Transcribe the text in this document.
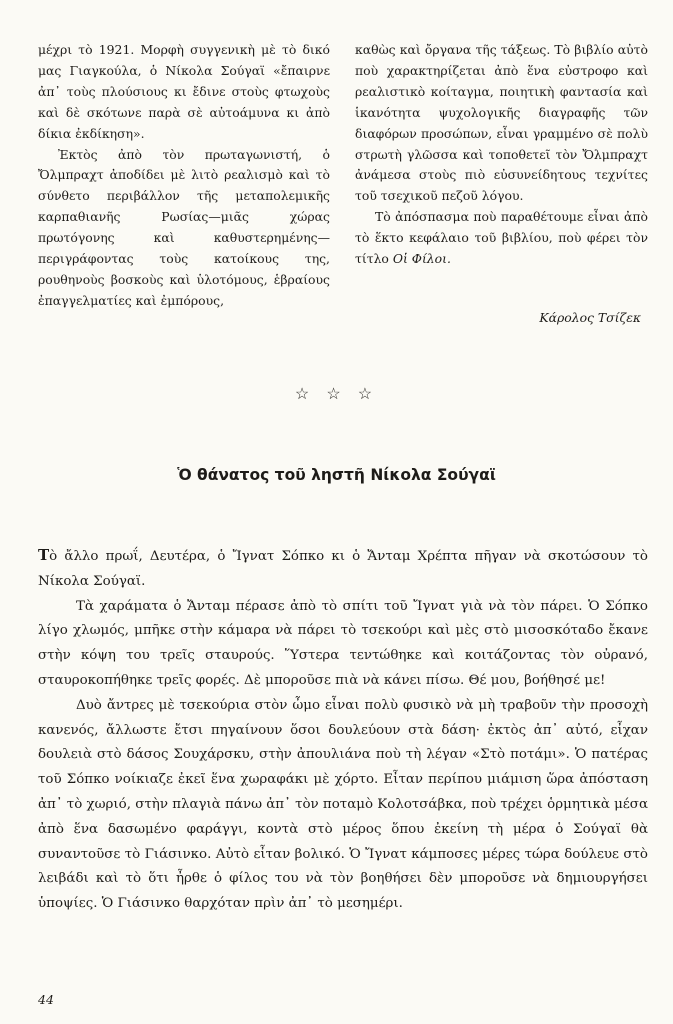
μέχρι τὸ 1921. Μορφὴ συγγενικὴ μὲ τὸ δικό μας Γιαγκούλα, ὁ Νίκολα Σούγαϊ «ἔπαιρνε ἀπ᾿ τοὺς πλούσιους κι ἔδινε στοὺς φτωχοὺς καὶ δὲ σκότωνε παρὰ σὲ αὐτοάμυνα κι ἀπὸ δίκια ἐκδίκηση».

Ἐκτὸς ἀπὸ τὸν πρωταγωνιστή, ὁ Ὄλμπραχτ ἀποδίδει μὲ λιτὸ ρεαλισμὸ καὶ τὸ σύνθετο περιβάλλον τῆς μεταπολεμικῆς καρπαθιανῆς Ρωσίας—μιᾶς χώρας πρωτόγονης καὶ καθυστερημένης—περιγράφοντας τοὺς κατοίκους της, ρουθηνοὺς βοσκοὺς καὶ ὑλοτόμους, ἑβραίους ἐπαγγελματίες καὶ ἐμπόρους,

καθὼς καὶ ὄργανα τῆς τάξεως. Τὸ βιβλίο αὐτὸ ποὺ χαρακτηρίζεται ἀπὸ ἕνα εὐστροφο καὶ ρεαλιστικὸ κοίταγμα, ποιητικὴ φαντασία καὶ ἱκανότητα ψυχολογικῆς διαγραφῆς τῶν διαφόρων προσώπων, εἶναι γραμμένο σὲ πολὺ στρωτὴ γλῶσσα καὶ τοποθετεῖ τὸν Ὄλμπραχτ ἀνάμεσα στοὺς πιὸ εὐσυνείδητους τεχνίτες τοῦ τσεχικοῦ πεζοῦ λόγου.

Τὸ ἀπόσπασμα ποὺ παραθέτουμε εἶναι ἀπὸ τὸ ἕκτο κεφάλαιο τοῦ βιβλίου, ποὺ φέρει τὸν τίτλο Οἱ Φίλοι.

Κάρολος Τσίζεκ
☆ ☆ ☆
Ὁ θάνατος τοῦ ληστῆ Νίκολα Σούγαϊ

Τὸ ἄλλο πρωΐ, Δευτέρα, ὁ Ἴγνατ Σόπκο κι ὁ Ἄνταμ Χρέπτα πῆγαν νὰ σκοτώσουν τὸ Νίκολα Σούγαϊ.

Τὰ χαράματα ὁ Ἄνταμ πέρασε ἀπὸ τὸ σπίτι τοῦ Ἴγνατ γιὰ νὰ τὸν πάρει. Ὁ Σόπκο λίγο χλωμός, μπῆκε στὴν κάμαρα νὰ πάρει τὸ τσεκούρι καὶ μὲς στὸ μισοσκόταδο ἔκανε στὴν κόψη του τρεῖς σταυρούς. Ὕστερα τεντώθηκε καὶ κοιτάζοντας τὸν οὐρανό, σταυροκοπήθηκε τρεῖς φορές. Δὲ μποροῦσε πιὰ νὰ κάνει πίσω. Θέ μου, βοήθησέ με!

Δυὸ ἄντρες μὲ τσεκούρια στὸν ὦμο εἶναι πολὺ φυσικὸ νὰ μὴ τραβοῦν τὴν προσοχὴ κανενός, ἄλλωστε ἔτσι πηγαίνουν ὅσοι δουλεύουν στὰ δάση· ἐκτὸς ἀπ᾿ αὐτό, εἶχαν δουλειὰ στὸ δάσος Σουχάρσκυ, στὴν ἀπουλιάνα ποὺ τὴ λέγαν «Στὸ ποτάμι». Ὁ πατέρας τοῦ Σόπκο νοίκιαζε ἐκεῖ ἕνα χωραφάκι μὲ χόρτο. Εἶταν περίπου μιάμιση ὥρα ἀπόσταση ἀπ᾿ τὸ χωριό, στὴν πλαγιὰ πάνω ἀπ᾿ τὸν ποταμὸ Κολοτσάβκα, ποὺ τρέχει ὁρμητικὰ μέσα ἀπὸ ἕνα δασωμένο φαράγγι, κοντὰ στὸ μέρος ὅπου ἐκείνη τὴ μέρα ὁ Σούγαϊ θὰ συναντοῦσε τὸ Γιάσινκο. Αὐτὸ εἶταν βολικό. Ὁ Ἴγνατ κάμποσες μέρες τώρα δούλευε στὸ λειβάδι καὶ τὸ ὅτι ἦρθε ὁ φίλος του νὰ τὸν βοηθήσει δὲν μποροῦσε νὰ δημιουργήσει ὑποψίες. Ὁ Γιάσινκο θαρχόταν πρὶν ἀπ᾿ τὸ μεσημέρι.

44
